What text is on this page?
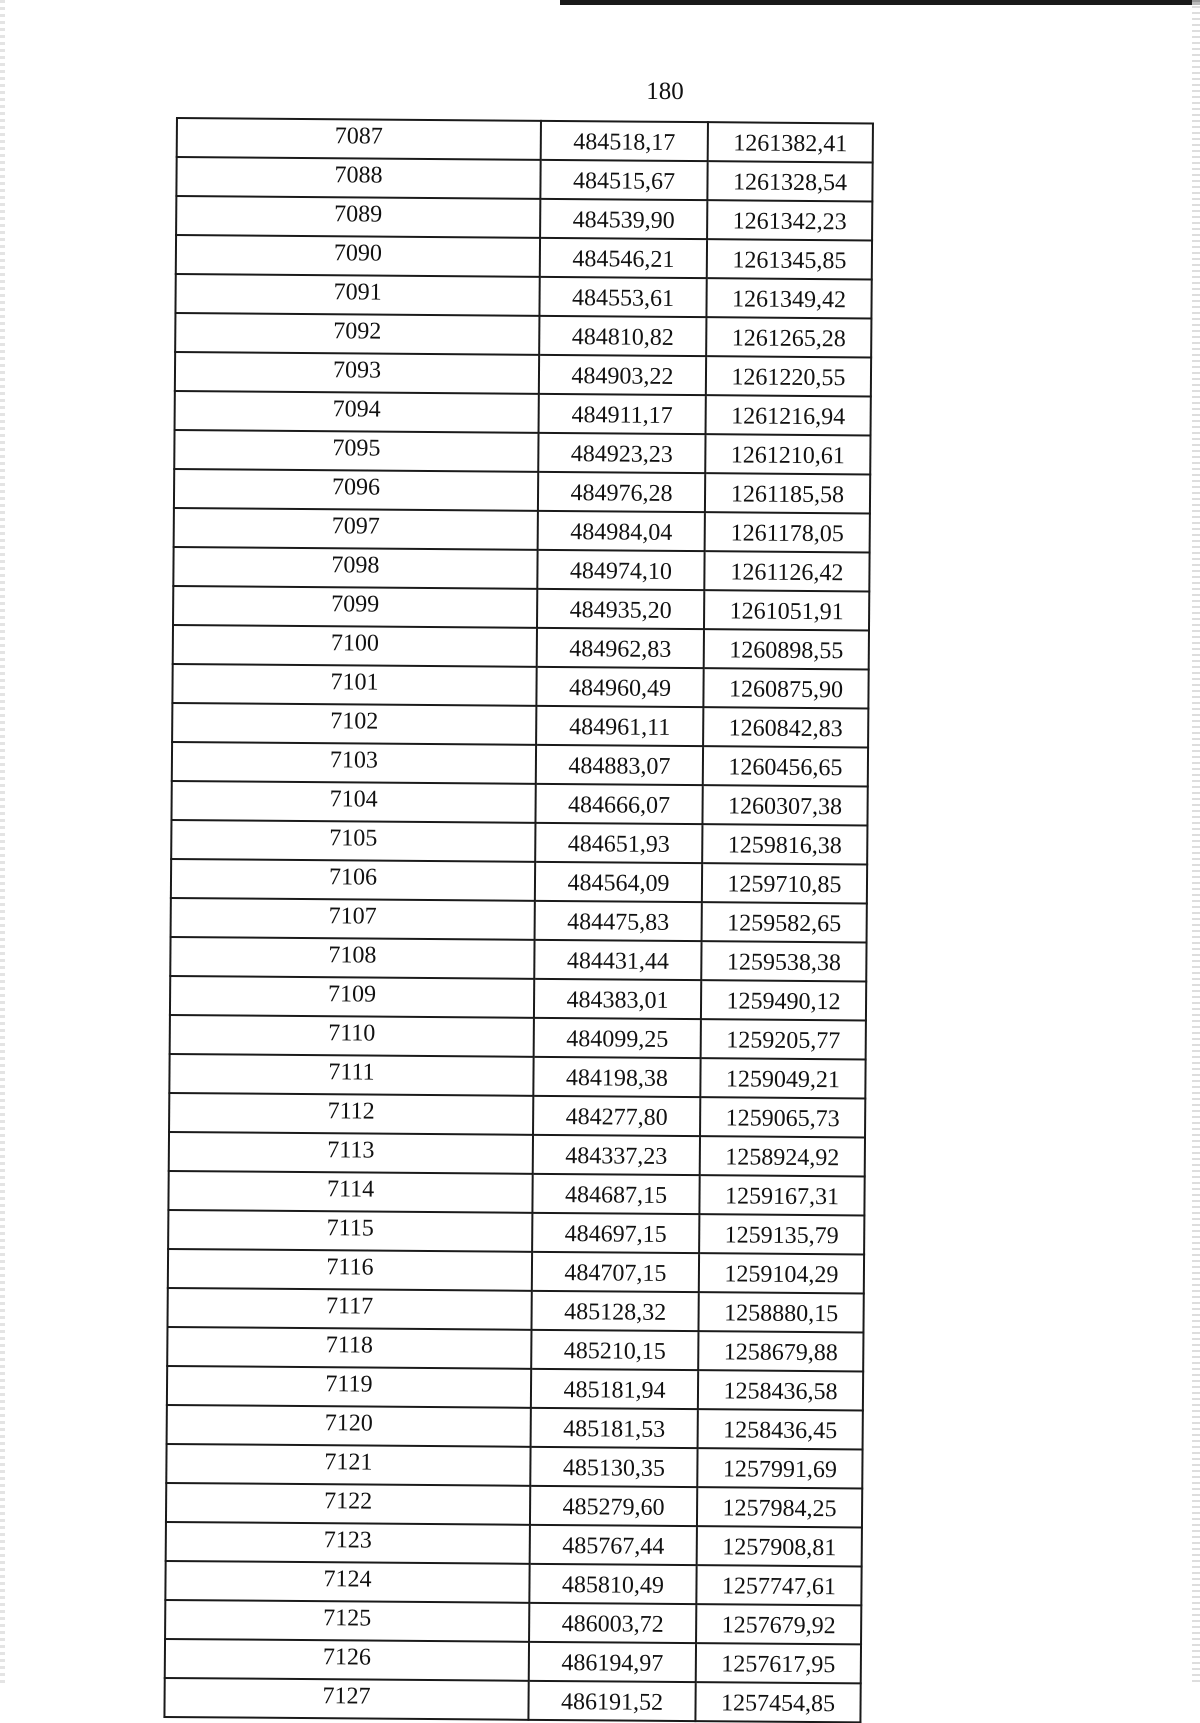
180
7087	484518,17	1261382,41
7088	484515,67	1261328,54
7089	484539,90	1261342,23
7090	484546,21	1261345,85
7091	484553,61	1261349,42
7092	484810,82	1261265,28
7093	484903,22	1261220,55
7094	484911,17	1261216,94
7095	484923,23	1261210,61
7096	484976,28	1261185,58
7097	484984,04	1261178,05
7098	484974,10	1261126,42
7099	484935,20	1261051,91
7100	484962,83	1260898,55
7101	484960,49	1260875,90
7102	484961,11	1260842,83
7103	484883,07	1260456,65
7104	484666,07	1260307,38
7105	484651,93	1259816,38
7106	484564,09	1259710,85
7107	484475,83	1259582,65
7108	484431,44	1259538,38
7109	484383,01	1259490,12
7110	484099,25	1259205,77
7111	484198,38	1259049,21
7112	484277,80	1259065,73
7113	484337,23	1258924,92
7114	484687,15	1259167,31
7115	484697,15	1259135,79
7116	484707,15	1259104,29
7117	485128,32	1258880,15
7118	485210,15	1258679,88
7119	485181,94	1258436,58
7120	485181,53	1258436,45
7121	485130,35	1257991,69
7122	485279,60	1257984,25
7123	485767,44	1257908,81
7124	485810,49	1257747,61
7125	486003,72	1257679,92
7126	486194,97	1257617,95
7127	486191,52	1257454,85
